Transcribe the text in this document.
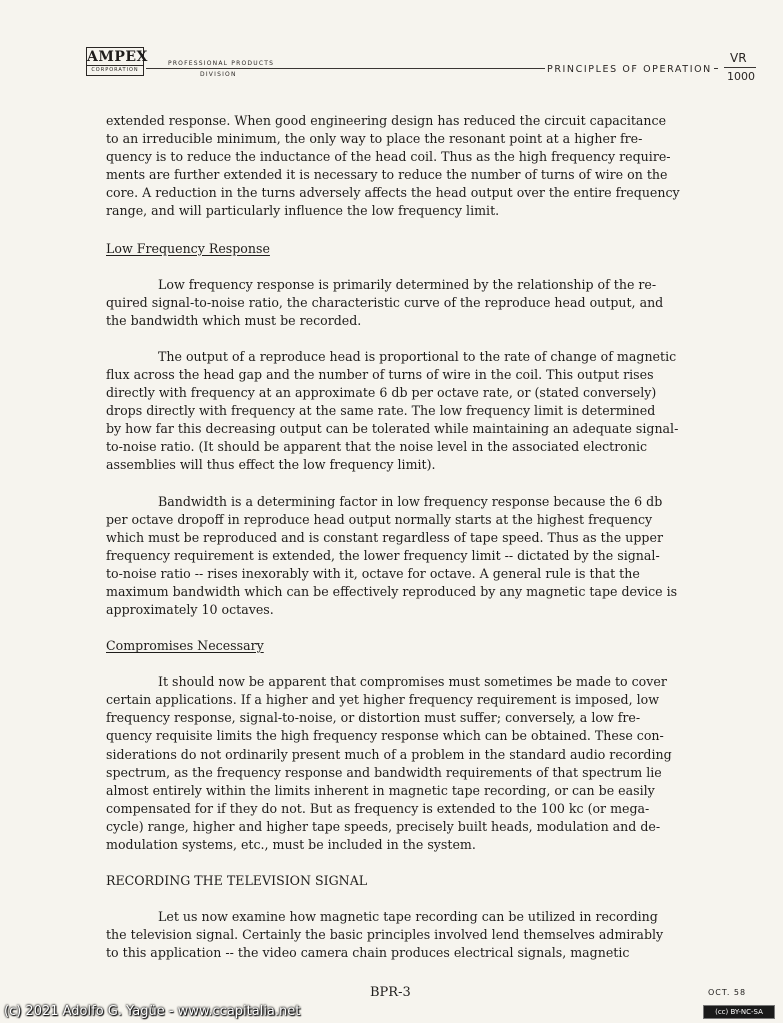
AMPEX
CORPORATION
PROFESSIONAL PRODUCTS
DIVISION	PRINCIPLES OF OPERATION
VR
1000

extended response. When good engineering design has reduced the circuit capacitance
to an irreducible minimum, the only way to place the resonant point at a higher fre-
quency is to reduce the inductance of the head coil. Thus as the high frequency require-
ments are further extended it is necessary to reduce the number of turns of wire on the
core. A reduction in the turns adversely affects the head output over the entire frequency
range, and will particularly influence the low frequency limit.

Low Frequency Response

Low frequency response is primarily determined by the relationship of the re-
quired signal-to-noise ratio, the characteristic curve of the reproduce head output, and
the bandwidth which must be recorded.

The output of a reproduce head is proportional to the rate of change of magnetic
flux across the head gap and the number of turns of wire in the coil. This output rises
directly with frequency at an approximate 6 db per octave rate, or (stated conversely)
drops directly with frequency at the same rate. The low frequency limit is determined
by how far this decreasing output can be tolerated while maintaining an adequate signal-
to-noise ratio. (It should be apparent that the noise level in the associated electronic
assemblies will thus effect the low frequency limit).

Bandwidth is a determining factor in low frequency response because the 6 db
per octave dropoff in reproduce head output normally starts at the highest frequency
which must be reproduced and is constant regardless of tape speed. Thus as the upper
frequency requirement is extended, the lower frequency limit -- dictated by the signal-
to-noise ratio -- rises inexorably with it, octave for octave. A general rule is that the
maximum bandwidth which can be effectively reproduced by any magnetic tape device is
approximately 10 octaves.

Compromises Necessary

It should now be apparent that compromises must sometimes be made to cover
certain applications. If a higher and yet higher frequency requirement is imposed, low
frequency response, signal-to-noise, or distortion must suffer; conversely, a low fre-
quency requisite limits the high frequency response which can be obtained. These con-
siderations do not ordinarily present much of a problem in the standard audio recording
spectrum, as the frequency response and bandwidth requirements of that spectrum lie
almost entirely within the limits inherent in magnetic tape recording, or can be easily
compensated for if they do not. But as frequency is extended to the 100 kc (or mega-
cycle) range, higher and higher tape speeds, precisely built heads, modulation and de-
modulation systems, etc., must be included in the system.

RECORDING THE TELEVISION SIGNAL

Let us now examine how magnetic tape recording can be utilized in recording
the television signal. Certainly the basic principles involved lend themselves admirably
to this application -- the video camera chain produces electrical signals, magnetic

BPR-3	OCT. 58
(c) 2021 Adolfo G. Yagüe - www.ccapitalia.net	(cc) BY-NC-SA
